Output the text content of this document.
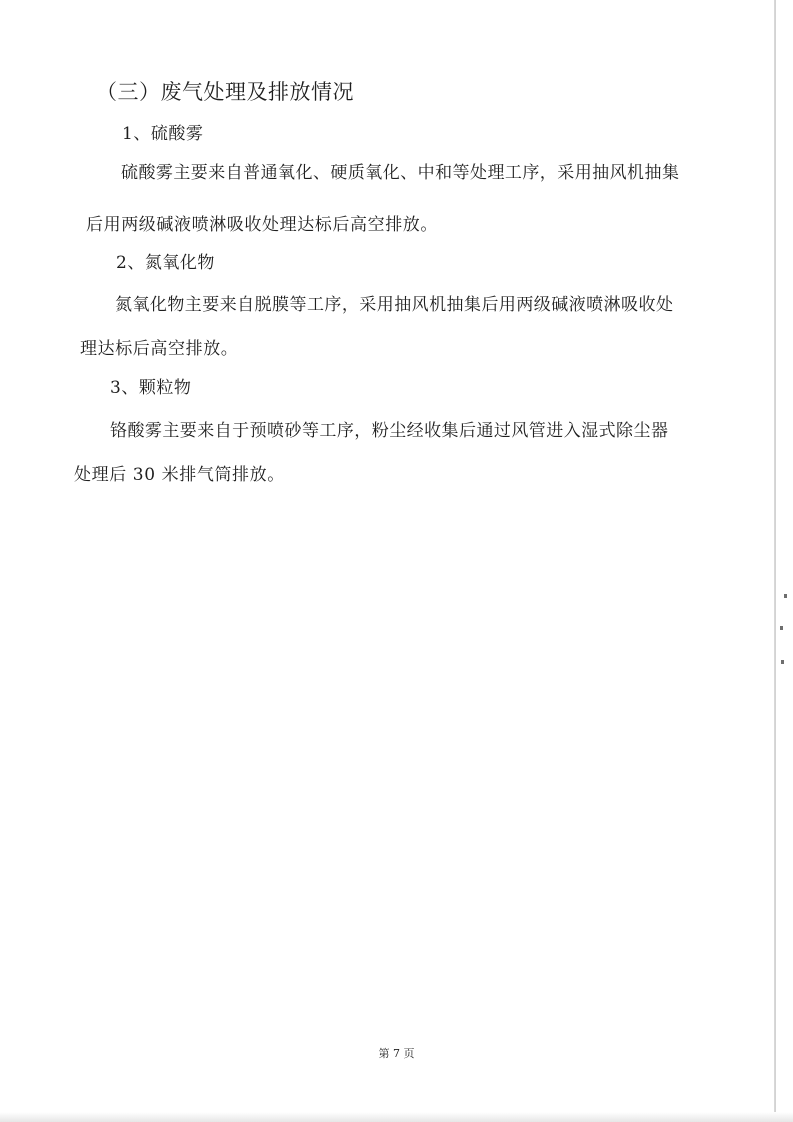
（三）废气处理及排放情况
1、硫酸雾
硫酸雾主要来自普通氧化、硬质氧化、中和等处理工序，采用抽风机抽集
后用两级碱液喷淋吸收处理达标后高空排放。
2、氮氧化物
氮氧化物主要来自脱膜等工序，采用抽风机抽集后用两级碱液喷淋吸收处
理达标后高空排放。
3、颗粒物
铬酸雾主要来自于预喷砂等工序，粉尘经收集后通过风管进入湿式除尘器
处理后 30 米排气筒排放。
第 7 页
